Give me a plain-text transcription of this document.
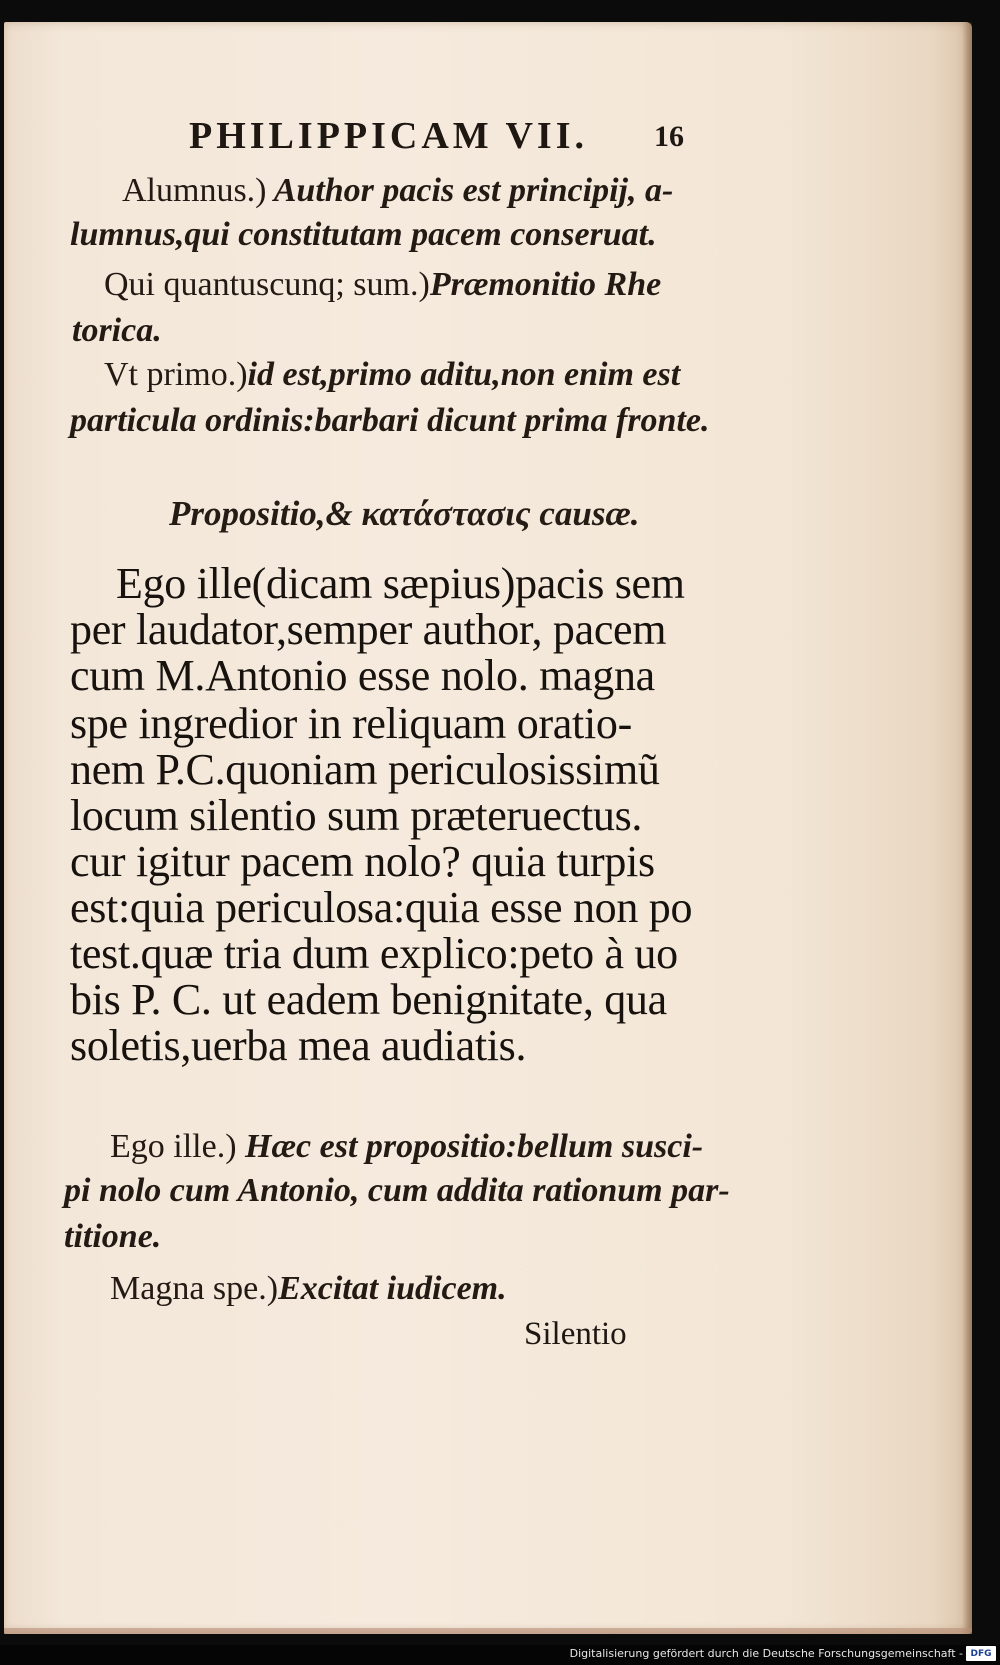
PHILIPPICAM VII. 16
Alumnus.) Author pacis est principij, a-
lumnus,qui constitutam pacem conseruat.
Qui quantuscunq; sum.)Præmonitio Rhe
torica.
Vt primo.)id est,primo aditu,non enim est
particula ordinis:barbari dicunt prima fronte.
Propositio,& κατάστασις causæ.
Ego ille(dicam sæpius)pacis sem
per laudator,semper author, pacem
cum M.Antonio esse nolo. magna
spe ingredior in reliquam oratio-
nem P.C.quoniam periculosissimũ
locum silentio sum præteruectus.
cur igitur pacem nolo? quia turpis
est:quia periculosa:quia esse non po
test.quæ tria dum explico:peto à uo
bis P. C. ut eadem benignitate, qua
soletis,uerba mea audiatis.
Ego ille.) Hæc est propositio:bellum susci-
pi nolo cum Antonio, cum addita rationum par-
titione.
Magna spe.)Excitat iudicem.
Silentio
Digitalisierung gefördert durch die Deutsche Forschungsgemeinschaft - DFG
